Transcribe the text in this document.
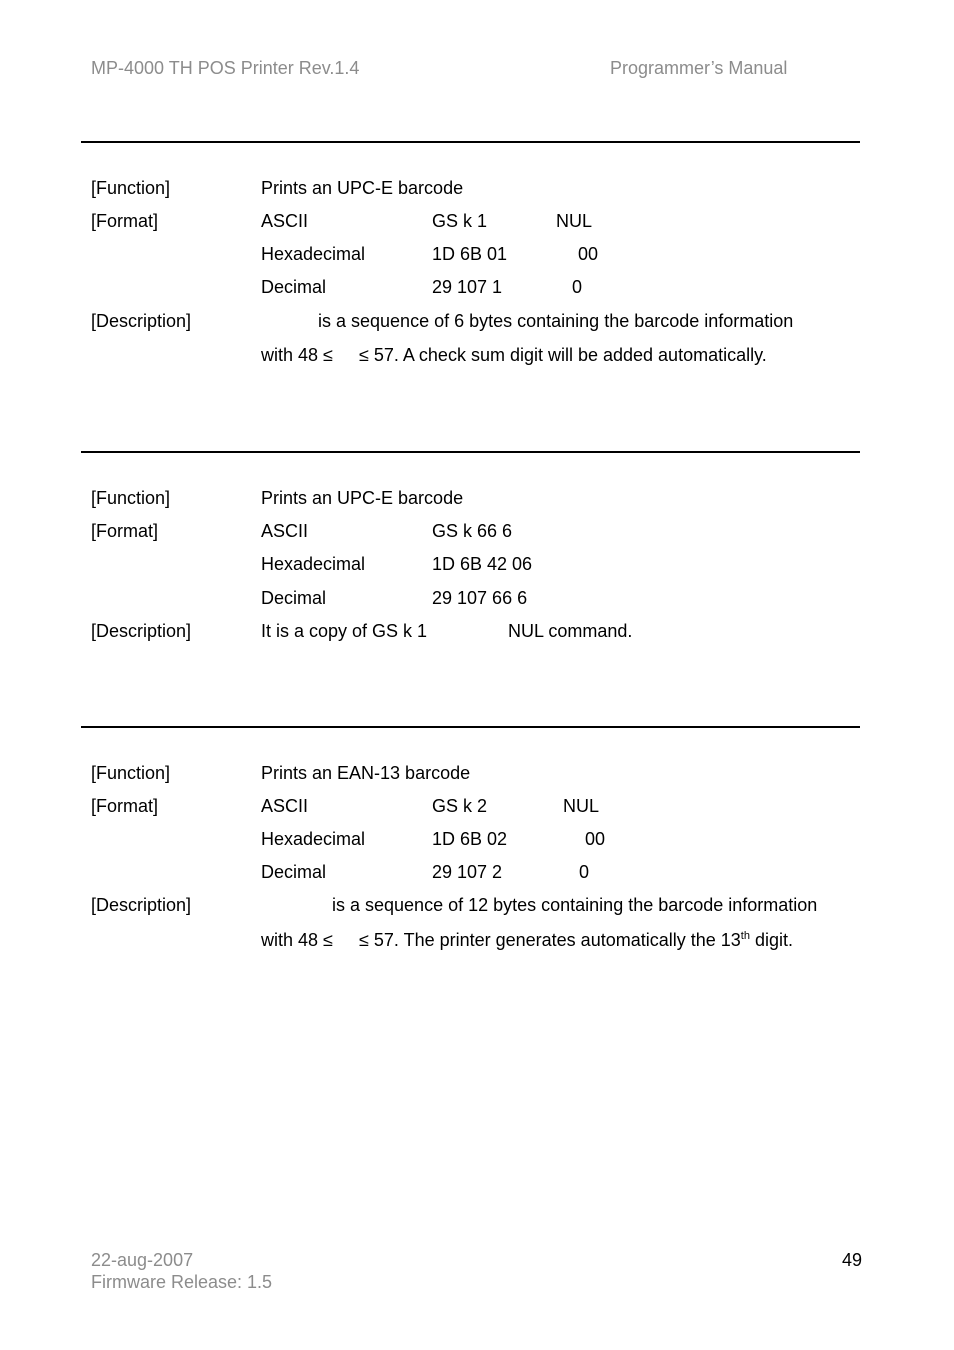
MP-4000 TH POS Printer Rev.1.4	Programmer’s Manual
[Function]	Prints an UPC-E barcode
[Format]	ASCII	GS k 1	NUL
Hexadecimal	1D 6B 01	00
Decimal	29 107 1	0
[Description]	is a sequence of 6 bytes containing the barcode information
with 48 ≤ ≤ 57. A check sum digit will be added automatically.
[Function]	Prints an UPC-E barcode
[Format]	ASCII	GS k 66 6
Hexadecimal	1D 6B 42 06
Decimal	29 107 66 6
[Description]	It is a copy of GS k 1	NUL command.
[Function]	Prints an EAN-13 barcode
[Format]	ASCII	GS k 2	NUL
Hexadecimal	1D 6B 02	00
Decimal	29 107 2	0
[Description]	is a sequence of 12 bytes containing the barcode information
with 48 ≤ ≤ 57. The printer generates automatically the 13th digit.
22-aug-2007
Firmware Release: 1.5
49
